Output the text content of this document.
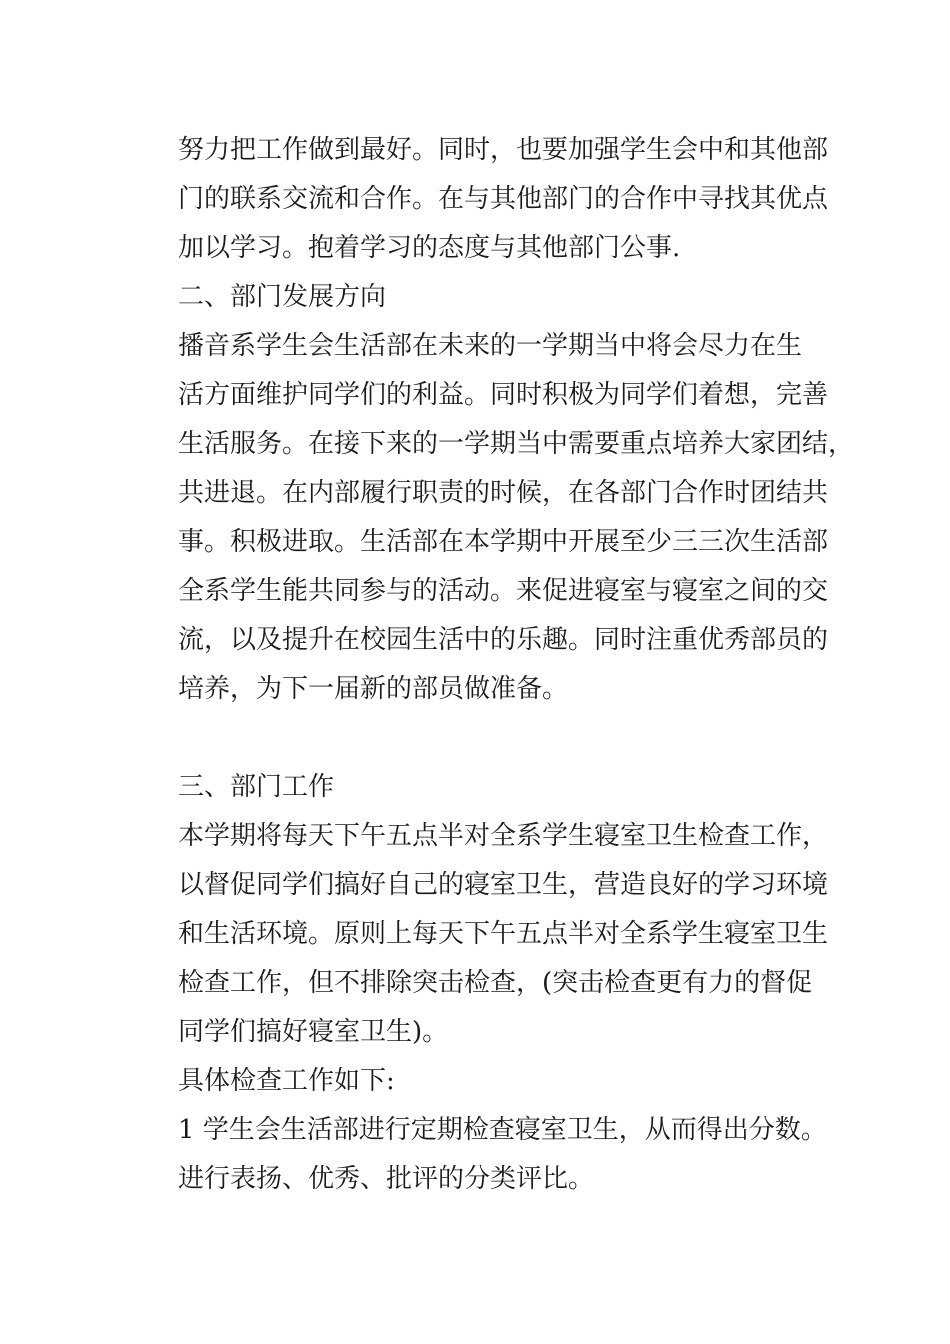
努力把工作做到最好。同时，也要加强学生会中和其他部
门的联系交流和合作。在与其他部门的合作中寻找其优点
加以学习。抱着学习的态度与其他部门公事.
二、部门发展方向
播音系学生会生活部在未来的一学期当中将会尽力在生
活方面维护同学们的利益。同时积极为同学们着想，完善
生活服务。在接下来的一学期当中需要重点培养大家团结，
共进退。在内部履行职责的时候，在各部门合作时团结共
事。积极进取。生活部在本学期中开展至少三三次生活部
全系学生能共同参与的活动。来促进寝室与寝室之间的交
流，以及提升在校园生活中的乐趣。同时注重优秀部员的
培养，为下一届新的部员做准备。
三、部门工作
本学期将每天下午五点半对全系学生寝室卫生检查工作，
以督促同学们搞好自己的寝室卫生，营造良好的学习环境
和生活环境。原则上每天下午五点半对全系学生寝室卫生
检查工作，但不排除突击检查，(突击检查更有力的督促
同学们搞好寝室卫生)。
具体检查工作如下:
1 学生会生活部进行定期检查寝室卫生，从而得出分数。
进行表扬、优秀、批评的分类评比。
